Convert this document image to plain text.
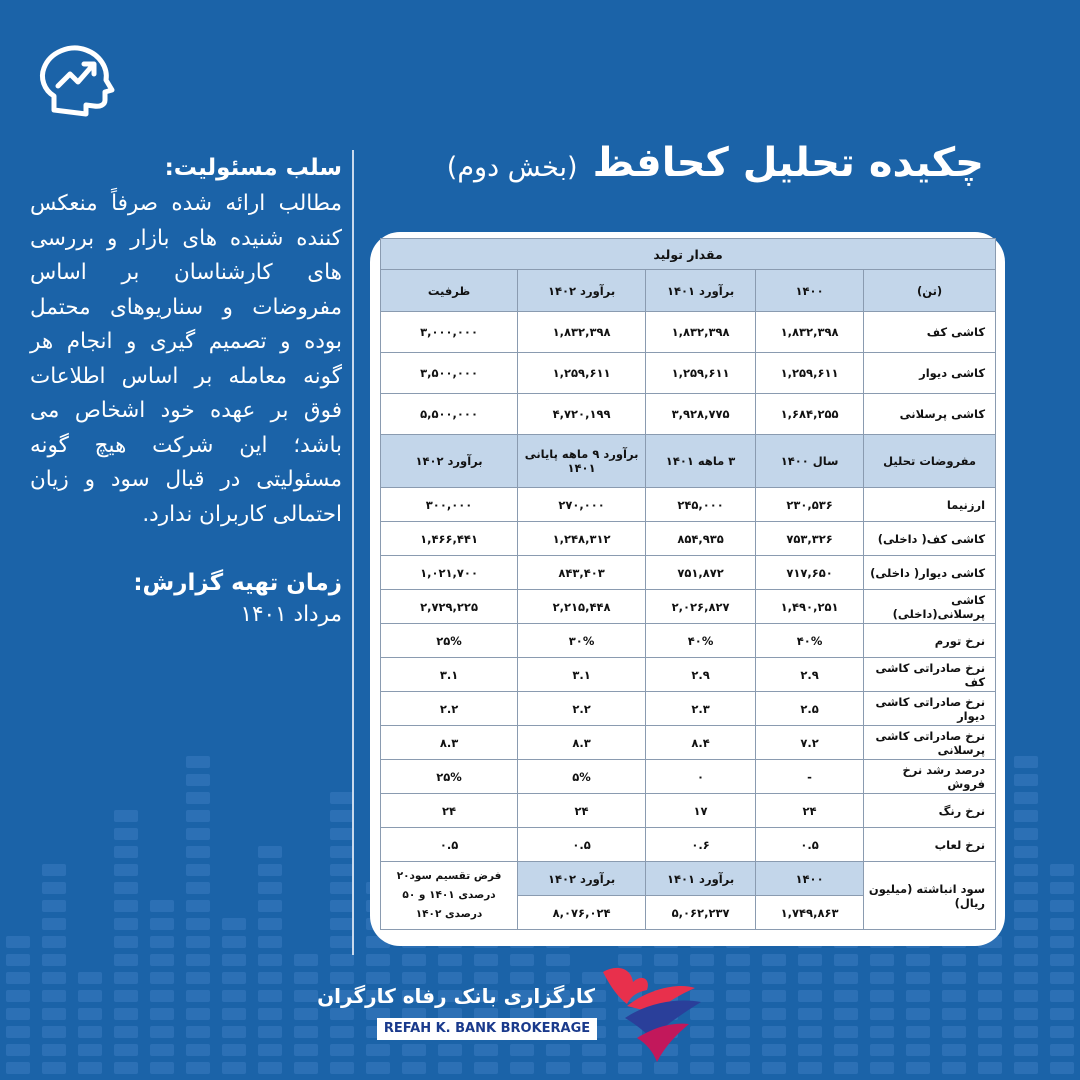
چکیده تحلیل کحافظ (بخش دوم)
سلب مسئولیت:

مطالب ارائه شده صرفاً منعکس کننده شنیده های بازار و بررسی های کارشناسان بر اساس مفروضات و سناریوهای محتمل بوده و تصمیم گیری و انجام هر گونه معامله بر اساس اطلاعات فوق بر عهده خود اشخاص می باشد؛ این شرکت هیچ گونه مسئولیتی در قبال سود و زیان احتمالی کاربران ندارد.

زمان تهیه گزارش:
مرداد ۱۴۰۱
مقدار تولید				
(تن)	۱۴۰۰	برآورد ۱۴۰۱	برآورد ۱۴۰۲	ظرفیت
کاشی کف	۱,۸۳۲,۳۹۸	۱,۸۳۲,۳۹۸	۱,۸۳۲,۳۹۸	۳,۰۰۰,۰۰۰
کاشی دیوار	۱,۲۵۹,۶۱۱	۱,۲۵۹,۶۱۱	۱,۲۵۹,۶۱۱	۳,۵۰۰,۰۰۰
کاشی پرسلانی	۱,۶۸۴,۲۵۵	۳,۹۲۸,۷۷۵	۴,۷۲۰,۱۹۹	۵,۵۰۰,۰۰۰
مفروضات تحلیل	سال ۱۴۰۰	۳ ماهه ۱۴۰۱	برآورد ۹ ماهه پایانی ۱۴۰۱	برآورد ۱۴۰۲
ارزنیما	۲۳۰,۵۳۶	۲۴۵,۰۰۰	۲۷۰,۰۰۰	۳۰۰,۰۰۰
کاشی کف( داخلی)	۷۵۳,۳۲۶	۸۵۴,۹۳۵	۱,۲۴۸,۳۱۲	۱,۴۶۶,۴۴۱
کاشی دیوار( داخلی)	۷۱۷,۶۵۰	۷۵۱,۸۷۲	۸۴۳,۴۰۳	۱,۰۲۱,۷۰۰
کاشی پرسلانی(داخلی)	۱,۴۹۰,۲۵۱	۲,۰۲۶,۸۲۷	۲,۲۱۵,۴۴۸	۲,۷۲۹,۲۲۵
نرخ تورم	۴۰%	۴۰%	۳۰%	۲۵%
نرخ صادراتی کاشی کف	۲.۹	۲.۹	۳.۱	۳.۱
نرخ صادراتی کاشی دیوار	۲.۵	۲.۳	۲.۲	۲.۲
نرخ صادراتی کاشی پرسلانی	۷.۲	۸.۴	۸.۳	۸.۳
درصد رشد نرخ فروش	-	۰	۵%	۲۵%
نرخ رنگ	۲۴	۱۷	۲۴	۲۴
نرخ لعاب	۰.۵	۰.۶	۰.۵	۰.۵
سود انباشته (میلیون ریال)	۱۴۰۰	برآورد ۱۴۰۱	برآورد ۱۴۰۲	فرض تقسیم سود۲۰ درصدی ۱۴۰۱ و ۵۰ درصدی ۱۴۰۲
	۱,۷۴۹,۸۶۳	۵,۰۶۲,۲۳۷	۸,۰۷۶,۰۲۴	
کارگزاری بانک رفاه کارگران
REFAH K. BANK BROKERAGE
